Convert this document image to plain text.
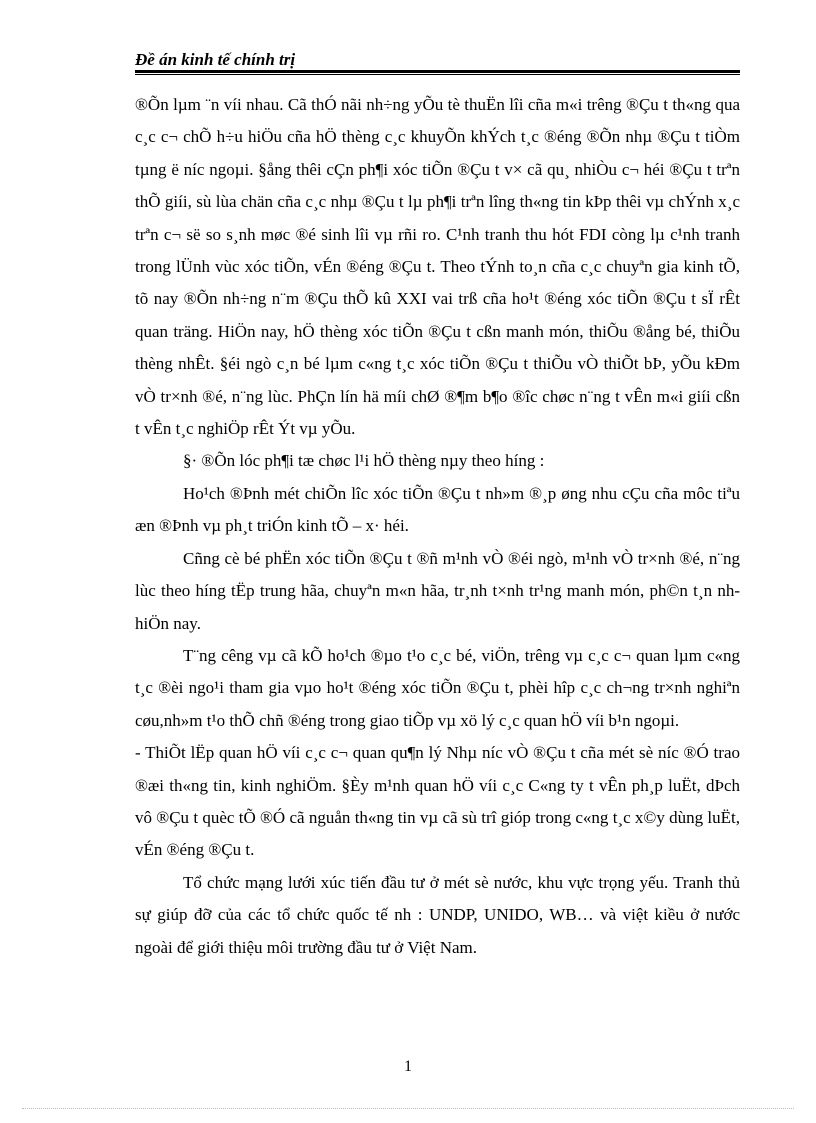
Đề án kinh tế chính trị

®Õn lµm ¨n víi nhau. Cã thÓ nãi nh÷ng yÕu tè thuËn lîi cña m«i trêng ®Çu t th«ng qua c¸c c¬ chÕ h÷u hiÖu cña hÖ thèng c¸c khuyÕn khÝch t¸c ®éng ®Õn nhµ ®Çu t tiÒm tµng ë níc ngoµi. §ång thêi cÇn ph¶i xóc tiÕn ®Çu t v× cã qu¸ nhiÒu c¬ héi ®Çu t trªn thÕ giíi, sù lùa chän cña c¸c nhµ ®Çu t lµ ph¶i trªn lîng th«ng tin kÞp thêi vµ chÝnh x¸c trªn c¬ së so s¸nh møc ®é sinh lîi vµ rñi ro. C¹nh tranh thu hót FDI còng lµ c¹nh tranh trong lÜnh vùc xóc tiÕn, vÉn ®éng ®Çu t. Theo tÝnh to¸n cña c¸c chuyªn gia kinh tÕ, tõ nay ®Õn nh÷ng n¨m ®Çu thÕ kû XXI vai trß cña ho¹t ®éng xóc tiÕn ®Çu t sÏ rÊt quan träng. HiÖn nay, hÖ thèng xóc tiÕn ®Çu t cßn manh món, thiÕu ®ång bé, thiÕu thèng nhÊt. §éi ngò c¸n bé lµm c«ng t¸c xóc tiÕn ®Çu t thiÕu vÒ thiÕt bÞ, yÕu kÐm vÒ tr×nh ®é, n¨ng lùc. PhÇn lín hä míi chØ ®¶m b¶o ®îc chøc n¨ng t vÊn m«i giíi cßn t vÊn t¸c nghiÖp rÊt Ýt vµ yÕu.

§· ®Õn lóc ph¶i tæ chøc l¹i hÖ thèng nµy theo híng :

Ho¹ch ®Þnh mét chiÕn lîc xóc tiÕn ®Çu t nh»m ®¸p øng nhu cÇu cña môc tiªu æn ®Þnh vµ ph¸t triÓn kinh tÕ – x· héi.

Cñng cè bé phËn xóc tiÕn ®Çu t ®ñ m¹nh vÒ ®éi ngò, m¹nh vÒ tr×nh ®é, n¨ng lùc theo híng tËp trung hãa, chuyªn m«n hãa, tr¸nh t×nh tr¹ng manh món, ph©n t¸n nh hiÖn nay.

T¨ng cêng vµ cã kÕ ho¹ch ®µo t¹o c¸c bé, viÖn, trêng vµ c¸c c¬ quan lµm c«ng t¸c ®èi ngo¹i tham gia vµo ho¹t ®éng xóc tiÕn ®Çu t, phèi hîp c¸c ch¬ng tr×nh nghiªn cøu,nh»m t¹o thÕ chñ ®éng trong giao tiÕp vµ xö lý c¸c quan hÖ víi b¹n ngoµi.

- ThiÕt lËp quan hÖ víi c¸c c¬ quan qu¶n lý Nhµ níc vÒ ®Çu t cña mét sè níc ®Ó trao ®æi th«ng tin, kinh nghiÖm. §Èy m¹nh quan hÖ víi c¸c C«ng ty t vÊn ph¸p luËt, dÞch vô ®Çu t quèc tÕ ®Ó cã nguån th«ng tin vµ cã sù trî gióp trong c«ng t¸c x©y dùng luËt, vÉn ®éng ®Çu t.

Tổ chức mạng lưới xúc tiến đầu tư ở mét sè nước, khu vực trọng yếu. Tranh thủ sự giúp đỡ của các tổ chức quốc tế nh : UNDP, UNIDO, WB… và việt kiều ở nước ngoài để giới thiệu môi trường đầu tư ở Việt Nam.

1
